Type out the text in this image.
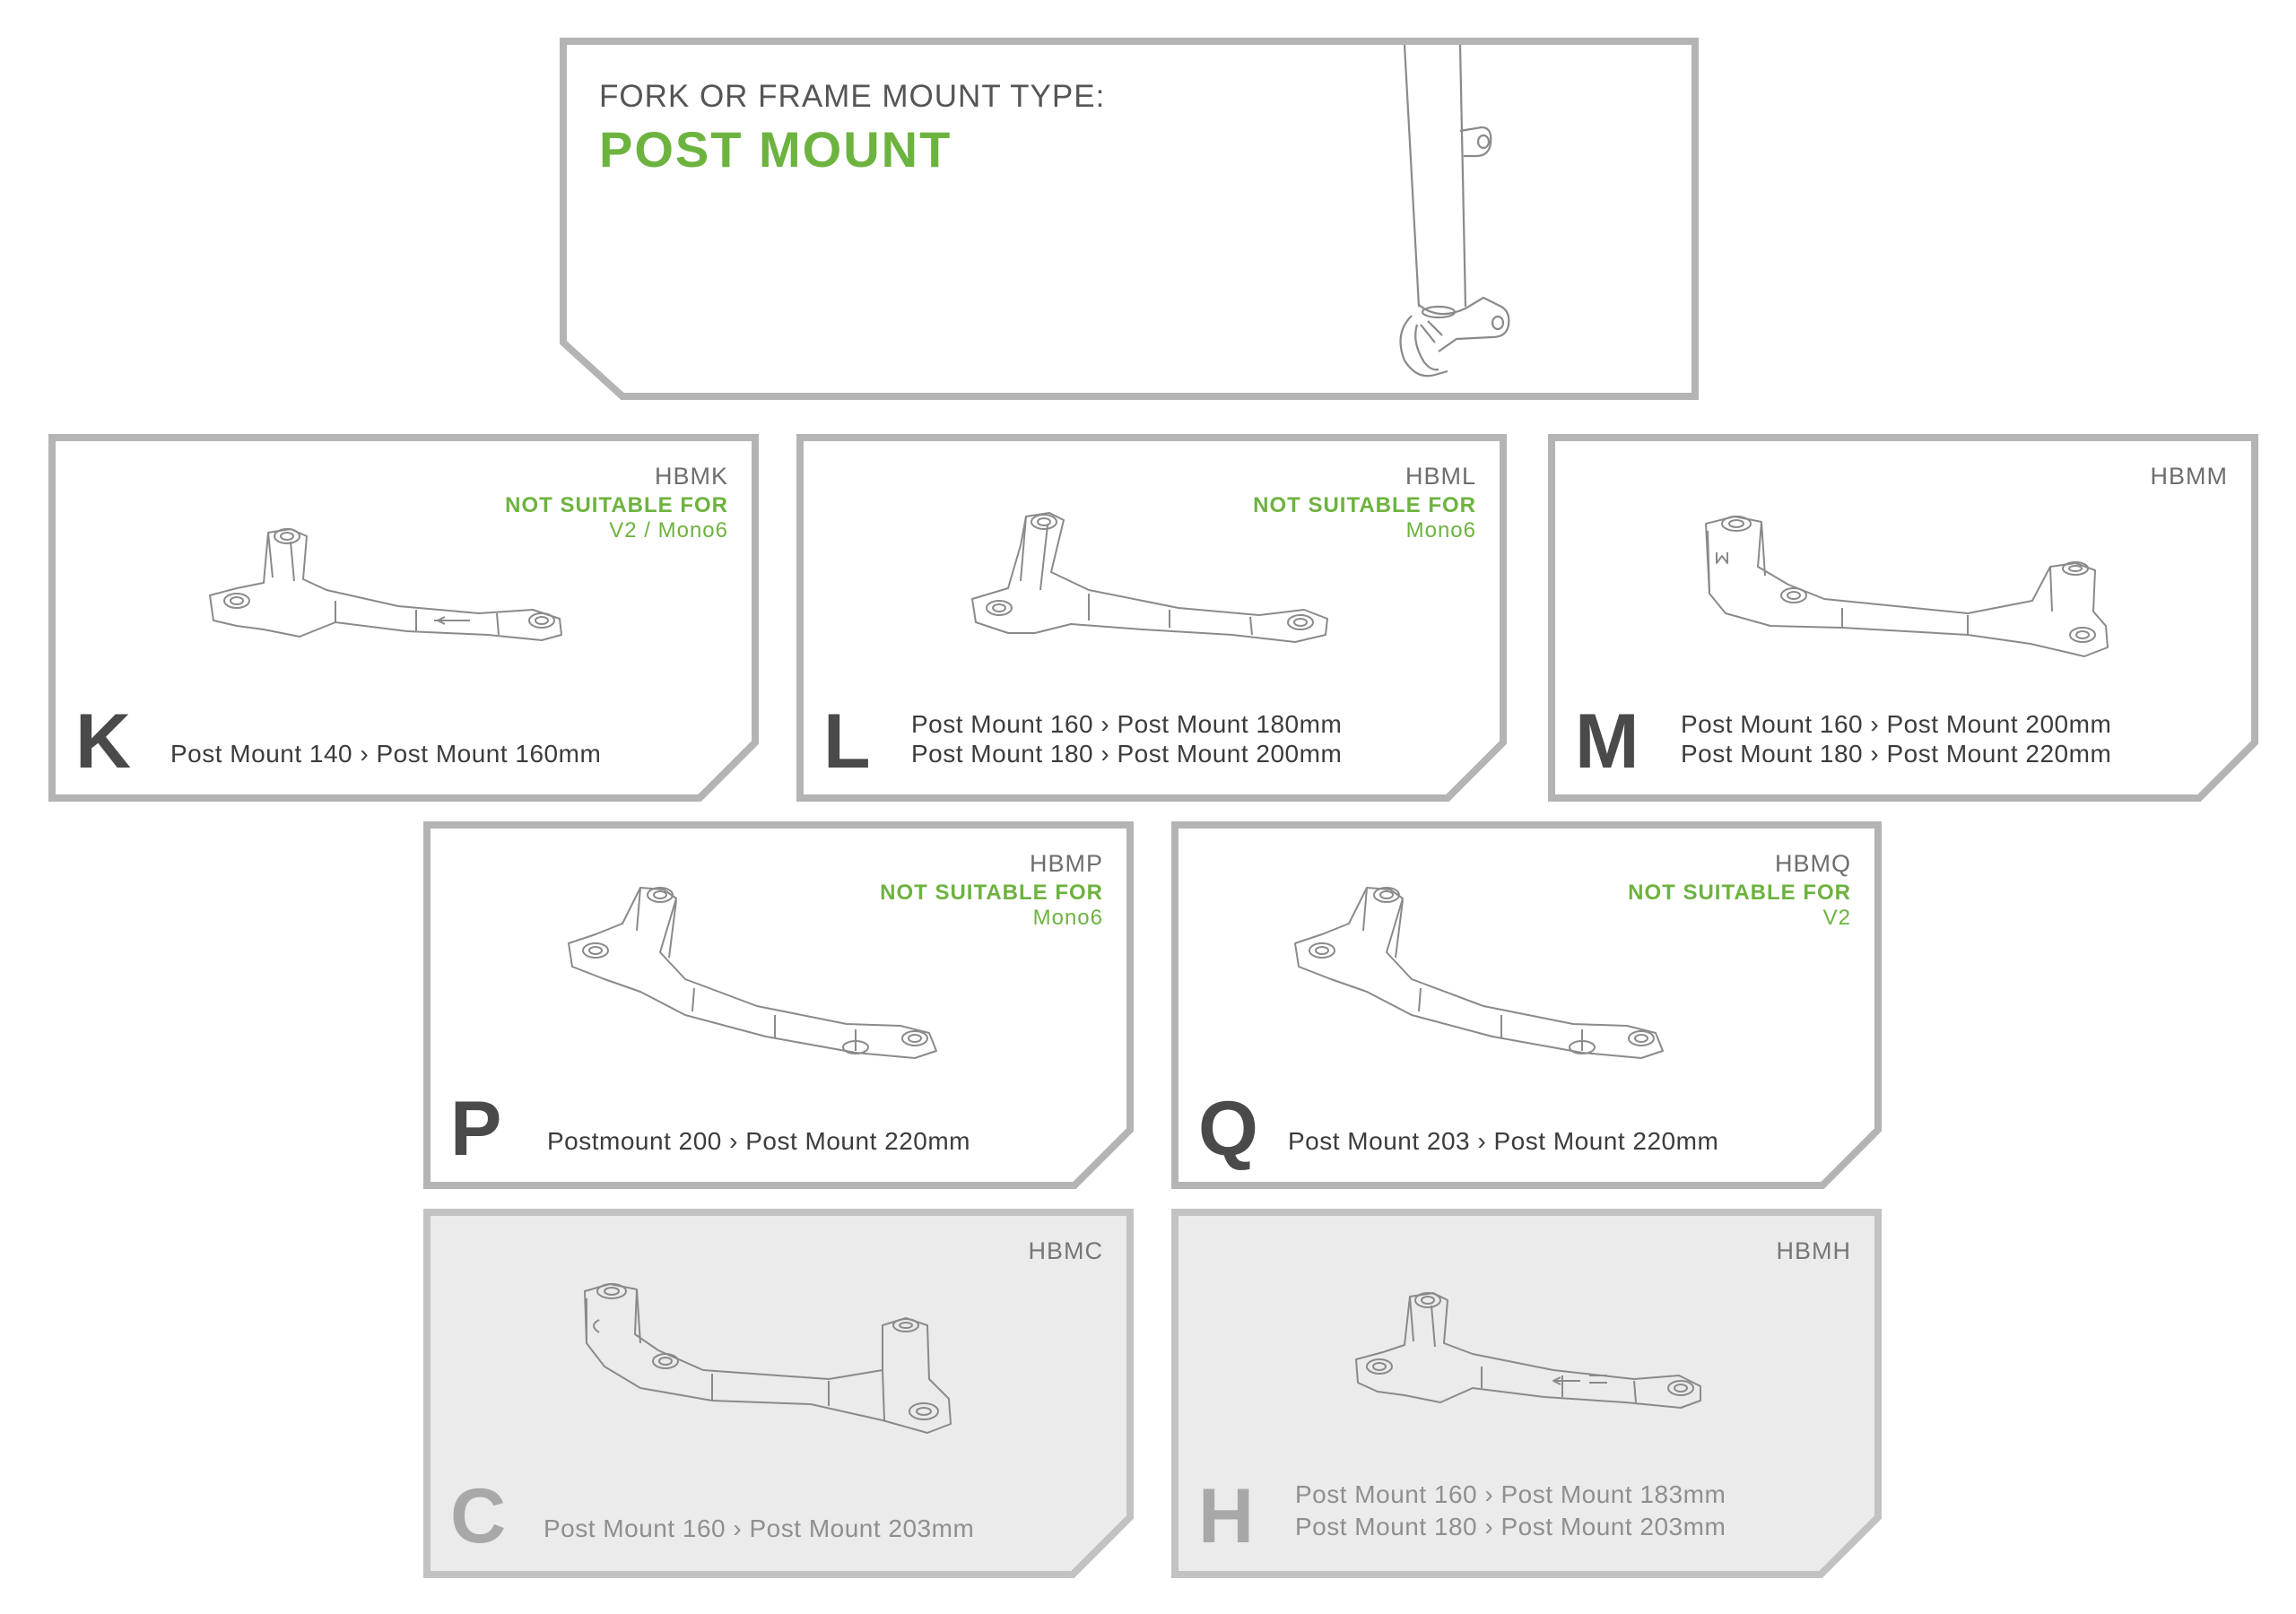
FORK OR FRAME MOUNT TYPE:
POST MOUNT
HBMK
NOT SUITABLE FOR
V2 / Mono6
K Post Mount 140 › Post Mount 160mm
HBML
NOT SUITABLE FOR
Mono6
L Post Mount 160 › Post Mount 180mm
Post Mount 180 › Post Mount 200mm
HBMM
M Post Mount 160 › Post Mount 200mm
Post Mount 180 › Post Mount 220mm
HBMP
NOT SUITABLE FOR
Mono6
P Postmount 200 › Post Mount 220mm
HBMQ
NOT SUITABLE FOR
V2
Q Post Mount 203 › Post Mount 220mm
HBMC
C Post Mount 160 › Post Mount 203mm
HBMH
H Post Mount 160 › Post Mount 183mm
Post Mount 180 › Post Mount 203mm
